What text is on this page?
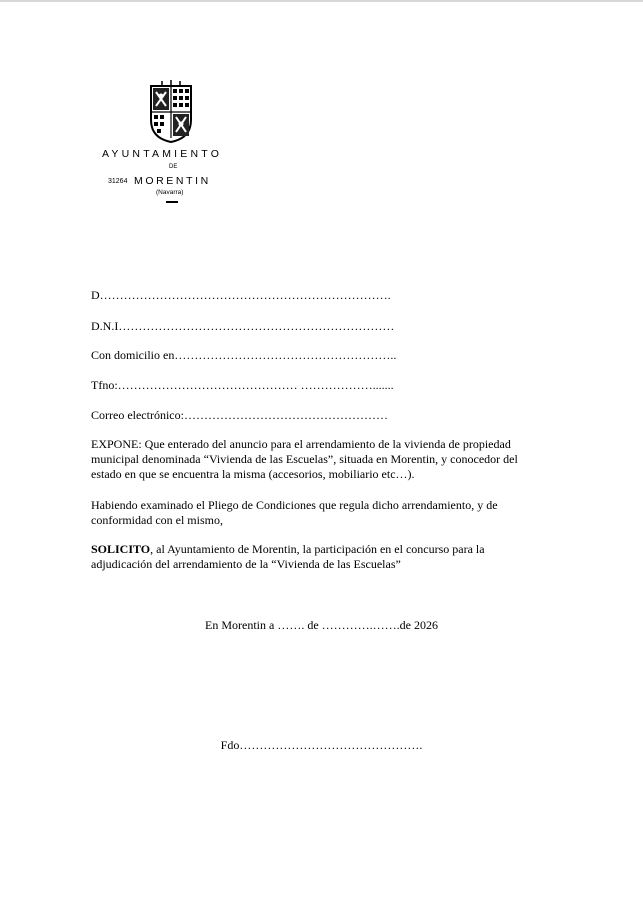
AYUNTAMIENTO
DE
31264 MORENTIN
(Navarra)
D……………………………………………………………….
D.N.I……………………………………………………………
Con domicilio en………………………………………………..
Tfno:……………………………………… ……………….......
Correo electrónico:……………………………………………
EXPONE: Que enterado del anuncio para el arrendamiento de la vivienda de propiedad municipal denominada “Vivienda de las Escuelas”, situada en Morentin, y conocedor del estado en que se encuentra la misma (accesorios, mobiliario etc…).
Habiendo examinado el Pliego de Condiciones que regula dicho arrendamiento, y de conformidad con el mismo,
SOLICITO, al Ayuntamiento de Morentin, la participación en el concurso para la adjudicación del arrendamiento de la “Vivienda de las Escuelas”
En Morentin a ……. de ………….…….de 2026
Fdo……………………………………….
